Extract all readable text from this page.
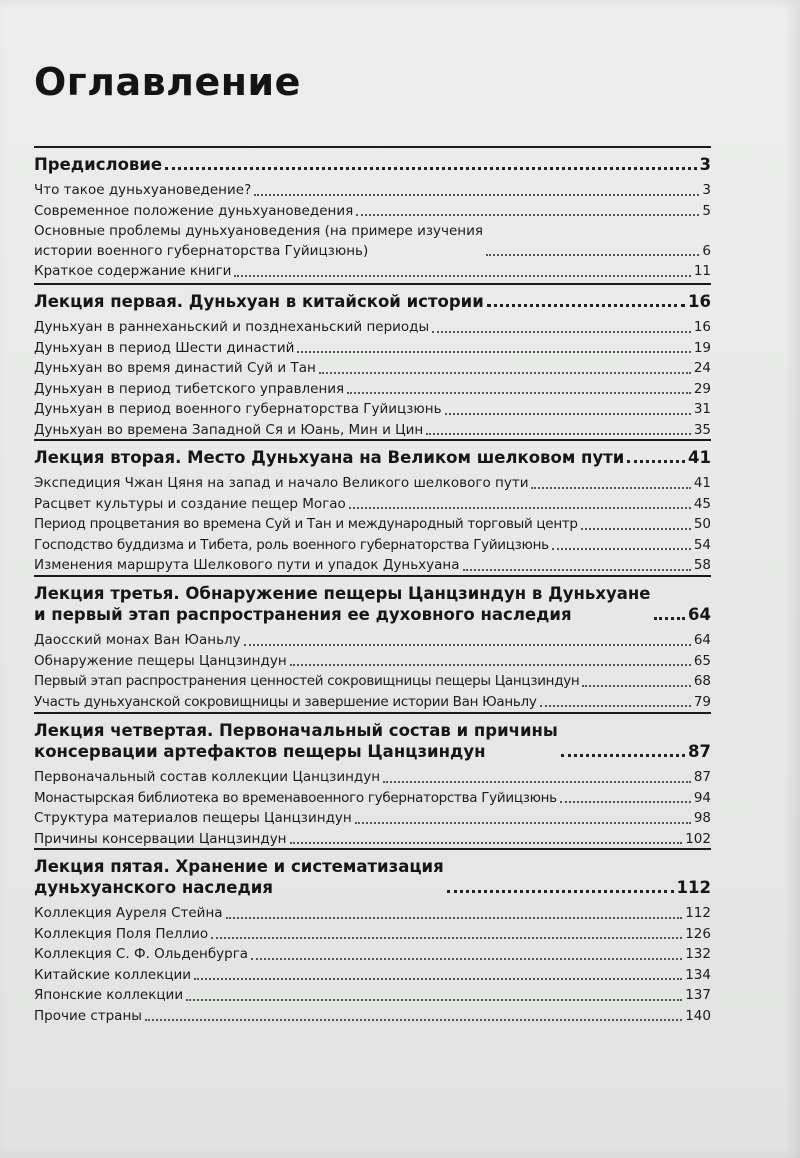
Оглавление
Предисловие	3
Что такое дуньхуановедение?	3
Современное положение дуньхуановедения	5
Основные проблемы дуньхуановедения (на примере изучения
истории военного губернаторства Гуйицзюнь)	6
Краткое содержание книги	11
Лекция первая. Дуньхуан в китайской истории	16
Дуньхуан в раннеханьский и позднеханьский периоды	16
Дуньхуан в период Шести династий	19
Дуньхуан во время династий Суй и Тан	24
Дуньхуан в период тибетского управления	29
Дуньхуан в период военного губернаторства Гуйицзюнь	31
Дуньхуан во времена Западной Ся и Юань, Мин и Цин	35
Лекция вторая. Место Дуньхуана на Великом шелковом пути	41
Экспедиция Чжан Цяня на запад и начало Великого шелкового пути	41
Расцвет культуры и создание пещер Могао	45
Период процветания во времена Суй и Тан и международный торговый центр	50
Господство буддизма и Тибета, роль военного губернаторства Гуйицзюнь	54
Изменения маршрута Шелкового пути и упадок Дуньхуана	58
Лекция третья. Обнаружение пещеры Цанцзиндун в Дуньхуане
и первый этап распространения ее духовного наследия	64
Даосский монах Ван Юаньлу	64
Обнаружение пещеры Цанцзиндун	65
Первый этап распространения ценностей сокровищницы пещеры Цанцзиндун	68
Участь дуньхуанской сокровищницы и завершение истории Ван Юаньлу	79
Лекция четвертая. Первоначальный состав и причины
консервации артефактов пещеры Цанцзиндун	87
Первоначальный состав коллекции Цанцзиндун	87
Монастырская библиотека во временавоенного губернаторства Гуйицзюнь	94
Структура материалов пещеры Цанцзиндун	98
Причины консервации Цанцзиндун	102
Лекция пятая. Хранение и систематизация
дуньхуанского наследия	112
Коллекция Ауреля Стейна	112
Коллекция Поля Пеллио	126
Коллекция С. Ф. Ольденбурга	132
Китайские коллекции	134
Японские коллекции	137
Прочие страны	140
